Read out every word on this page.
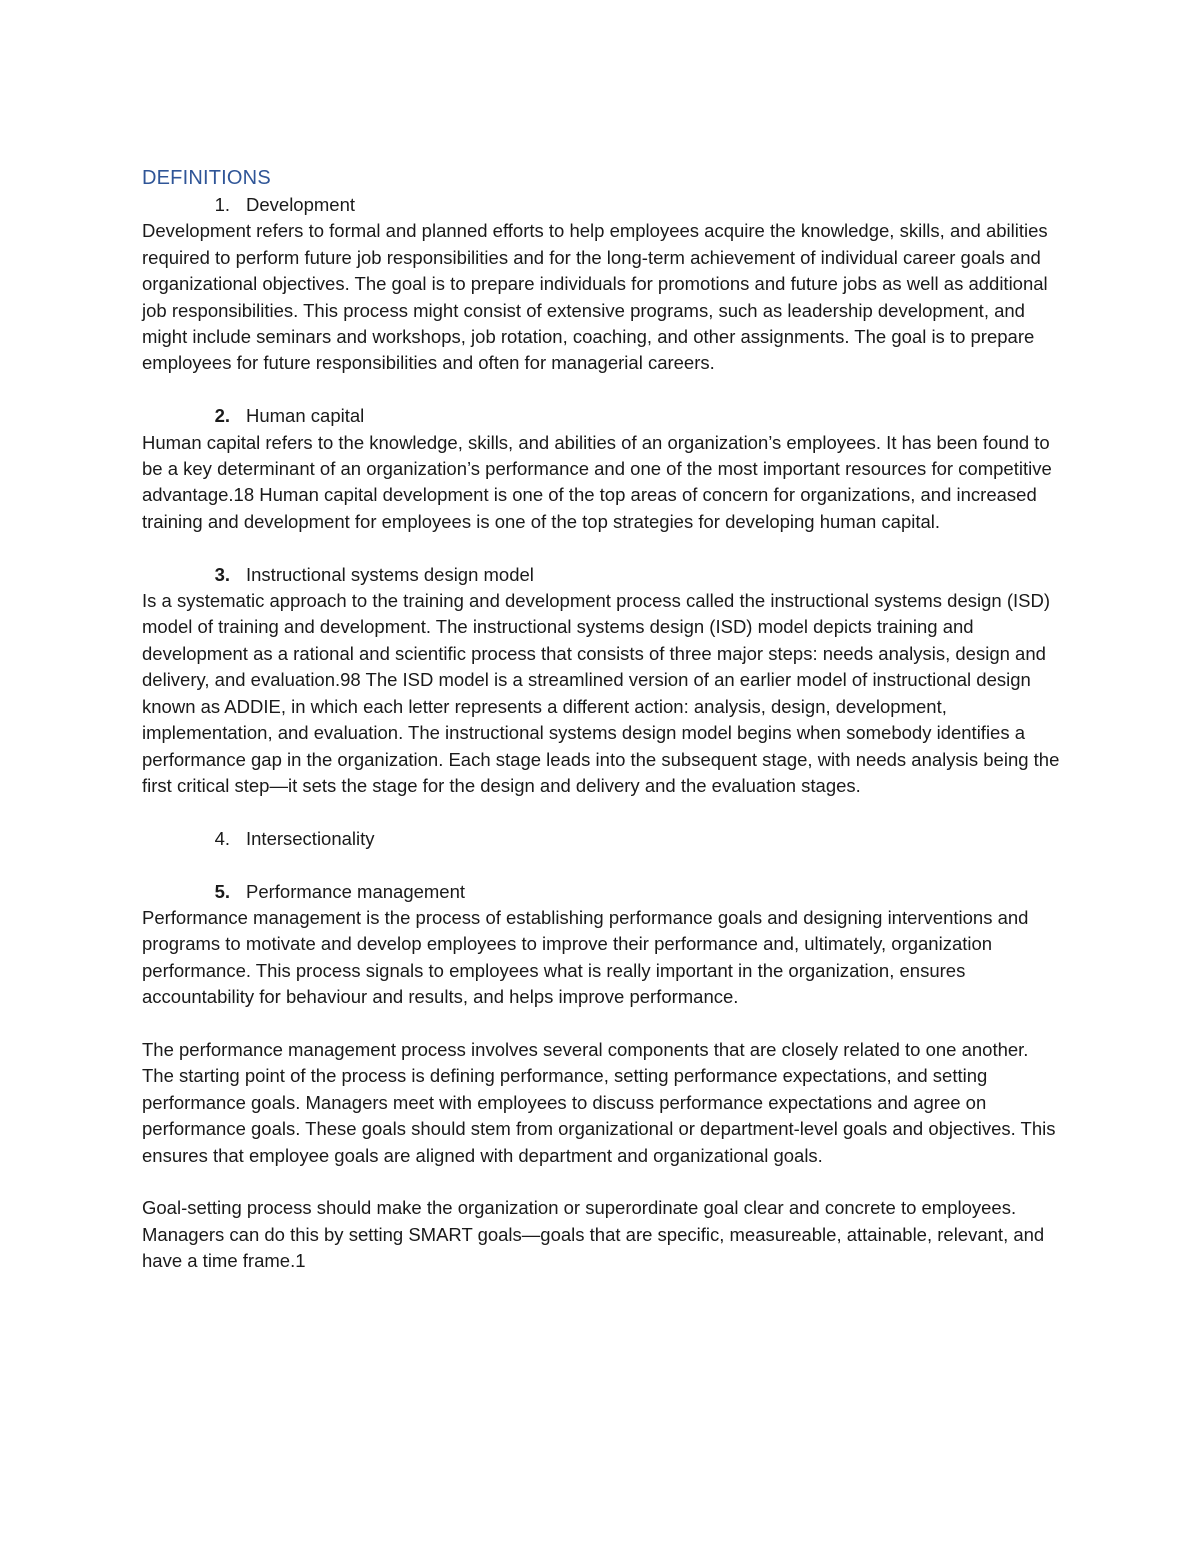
DEFINITIONS
1. Development

Development refers to formal and planned efforts to help employees acquire the knowledge, skills, and abilities required to perform future job responsibilities and for the long-term achievement of individual career goals and organizational objectives. The goal is to prepare individuals for promotions and future jobs as well as additional job responsibilities. This process might consist of extensive programs, such as leadership development, and might include seminars and workshops, job rotation, coaching, and other assignments. The goal is to prepare employees for future responsibilities and often for managerial careers.

2. Human capital

Human capital refers to the knowledge, skills, and abilities of an organization’s employees. It has been found to be a key determinant of an organization’s performance and one of the most important resources for competitive advantage.18 Human capital development is one of the top areas of concern for organizations, and increased training and development for employees is one of the top strategies for developing human capital.

3. Instructional systems design model

Is a systematic approach to the training and development process called the instructional systems design (ISD) model of training and development. The instructional systems design (ISD) model depicts training and development as a rational and scientific process that consists of three major steps: needs analysis, design and delivery, and evaluation.98 The ISD model is a streamlined version of an earlier model of instructional design known as ADDIE, in which each letter represents a different action: analysis, design, development, implementation, and evaluation. The instructional systems design model begins when somebody identifies a performance gap in the organization. Each stage leads into the subsequent stage, with needs analysis being the first critical step—it sets the stage for the design and delivery and the evaluation stages.

4. Intersectionality
5. Performance management

Performance management is the process of establishing performance goals and designing interventions and programs to motivate and develop employees to improve their performance and, ultimately, organization performance. This process signals to employees what is really important in the organization, ensures accountability for behaviour and results, and helps improve performance.

The performance management process involves several components that are closely related to one another. The starting point of the process is defining performance, setting performance expectations, and setting performance goals. Managers meet with employees to discuss performance expectations and agree on performance goals. These goals should stem from organizational or department-level goals and objectives. This ensures that employee goals are aligned with department and organizational goals.

Goal-setting process should make the organization or superordinate goal clear and concrete to employees. Managers can do this by setting SMART goals—goals that are specific, measureable, attainable, relevant, and have a time frame.1
